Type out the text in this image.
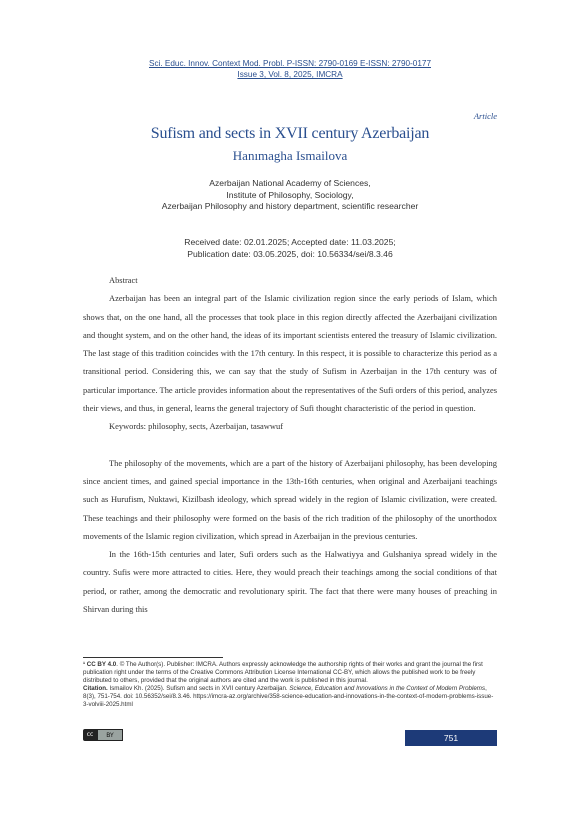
Sci. Educ. Innov. Context Mod. Probl. P-ISSN: 2790-0169 E-ISSN: 2790-0177
Issue 3, Vol. 8, 2025, IMCRA
Article
Sufism and sects in XVII century Azerbaijan
Hanımagha Ismailova
Azerbaijan National Academy of Sciences,
Institute of Philosophy, Sociology,
Azerbaijan Philosophy and history department, scientific researcher
Received date: 02.01.2025; Accepted date: 11.03.2025;
Publication date: 03.05.2025, doi: 10.56334/sei/8.3.46

Abstract

Azerbaijan has been an integral part of the Islamic civilization region since the early periods of Islam, which shows that, on the one hand, all the processes that took place in this region directly affected the Azerbaijani civilization and thought system, and on the other hand, the ideas of its important scientists entered the treasury of Islamic civilization. The last stage of this tradition coincides with the 17th century. In this respect, it is possible to characterize this period as a transitional period. Considering this, we can say that the study of Sufism in Azerbaijan in the 17th century was of particular importance. The article provides information about the representatives of the Sufi orders of this period, analyzes their views, and thus, in general, learns the general trajectory of Sufi thought characteristic of the period in question.

Keywords: philosophy, sects, Azerbaijan, tasawwuf

The philosophy of the movements, which are a part of the history of Azerbaijani philosophy, has been developing since ancient times, and gained special importance in the 13th-16th centuries, when original and Azerbaijani teachings such as Hurufism, Nuktawi, Kizilbash ideology, which spread widely in the region of Islamic civilization, were created. These teachings and their philosophy were formed on the basis of the rich tradition of the philosophy of the unorthodox movements of the Islamic region civilization, which spread in Azerbaijan in the previous centuries.

In the 16th-15th centuries and later, Sufi orders such as the Halwatiyya and Gulshaniya spread widely in the country. Sufis were more attracted to cities. Here, they would preach their teachings among the social conditions of that period, or rather, among the democratic and revolutionary spirit. The fact that there were many houses of preaching in Shirvan during this

¹ CC BY 4.0. © The Author(s). Publisher: IMCRA. Authors expressly acknowledge the authorship rights of their works and grant the journal the first publication right under the terms of the Creative Commons Attribution License International CC-BY, which allows the published work to be freely distributed to others, provided that the original authors are cited and the work is published in this journal.

Citation. Ismailov Kh. (2025). Sufism and sects in XVII century Azerbaijan. Science, Education and Innovations in the Context of Modern Problems, 8(3), 751-754. doi: 10.56352/sei/8.3.46. https://imcra-az.org/archive/358-science-education-and-innovations-in-the-context-of-modern-problems-issue-3-volviii-2025.html

cc	BY	751
